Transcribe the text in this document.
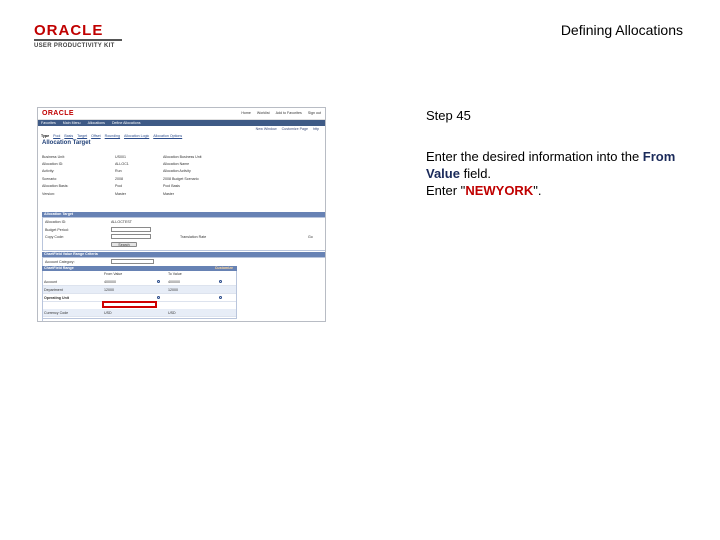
ORACLE
USER PRODUCTIVITY KIT
Defining Allocations
ORACLE	Home Worklist Add to Favorites Sign out
Favorites Main Menu Allocations Define Allocations
New Window Customize Page http
Type Pool Basis Target Offset Rounding Allocation Logic Allocation Options
Allocation Target
Business Unit:	US001	Allocation Business Unit
Allocation ID:	ALLOC1	Allocation Name
Activity:	Run	Allocation Activity
Scenario:	2008	2008 Budget Scenario
Allocation Basis:	Pool	Pool Basis
Version:	Master	Master
Allocation Target
Allocation ID:	ALLOCTEST
Budget Period:
Copy Code:
Search
Translation Rate	Go
ChartField Value Range Criteria
Account Category:
ChartField Range	Customize
From Value	To Value
Account	400000	400000
Department	12000	12000
Operating Unit
Currency Code	USD	USD
Step 45
Enter the desired information into the From Value field.
Enter "NEWYORK".
